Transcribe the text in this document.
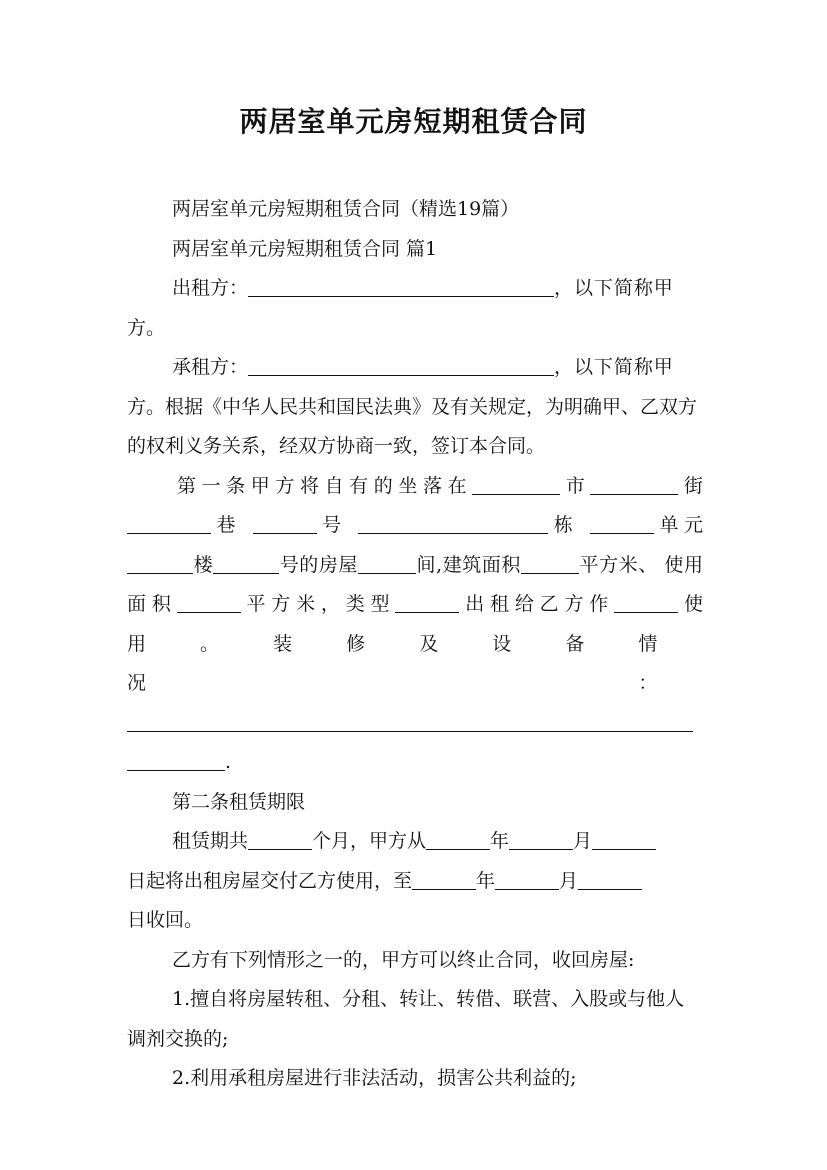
两居室单元房短期租赁合同

两居室单元房短期租赁合同（精选19篇）

两居室单元房短期租赁合同 篇1

出租方：	，以下简称甲
方。

承租方：	，以下简称甲方。根据《中华人民共和国民法典》及有关规定，为明确甲、乙双方的权利义务关系，经双方协商一致，签订本合同。

第一条甲方将自有的坐落在	市	街 巷	号	栋	单元 楼	号的房屋	间,建筑面积	平方米、 使用面积	平方米，类型	出租给乙方作	使 用。装修及设备情况：

.

第二条租赁期限

租赁期共	个月，甲方从	年	月
日起将出租房屋交付乙方使用，至	年	月
日收回。

乙方有下列情形之一的，甲方可以终止合同，收回房屋:

1.擅自将房屋转租、分租、转让、转借、联营、入股或与他人调剂交换的;

2.利用承租房屋进行非法活动，损害公共利益的;
